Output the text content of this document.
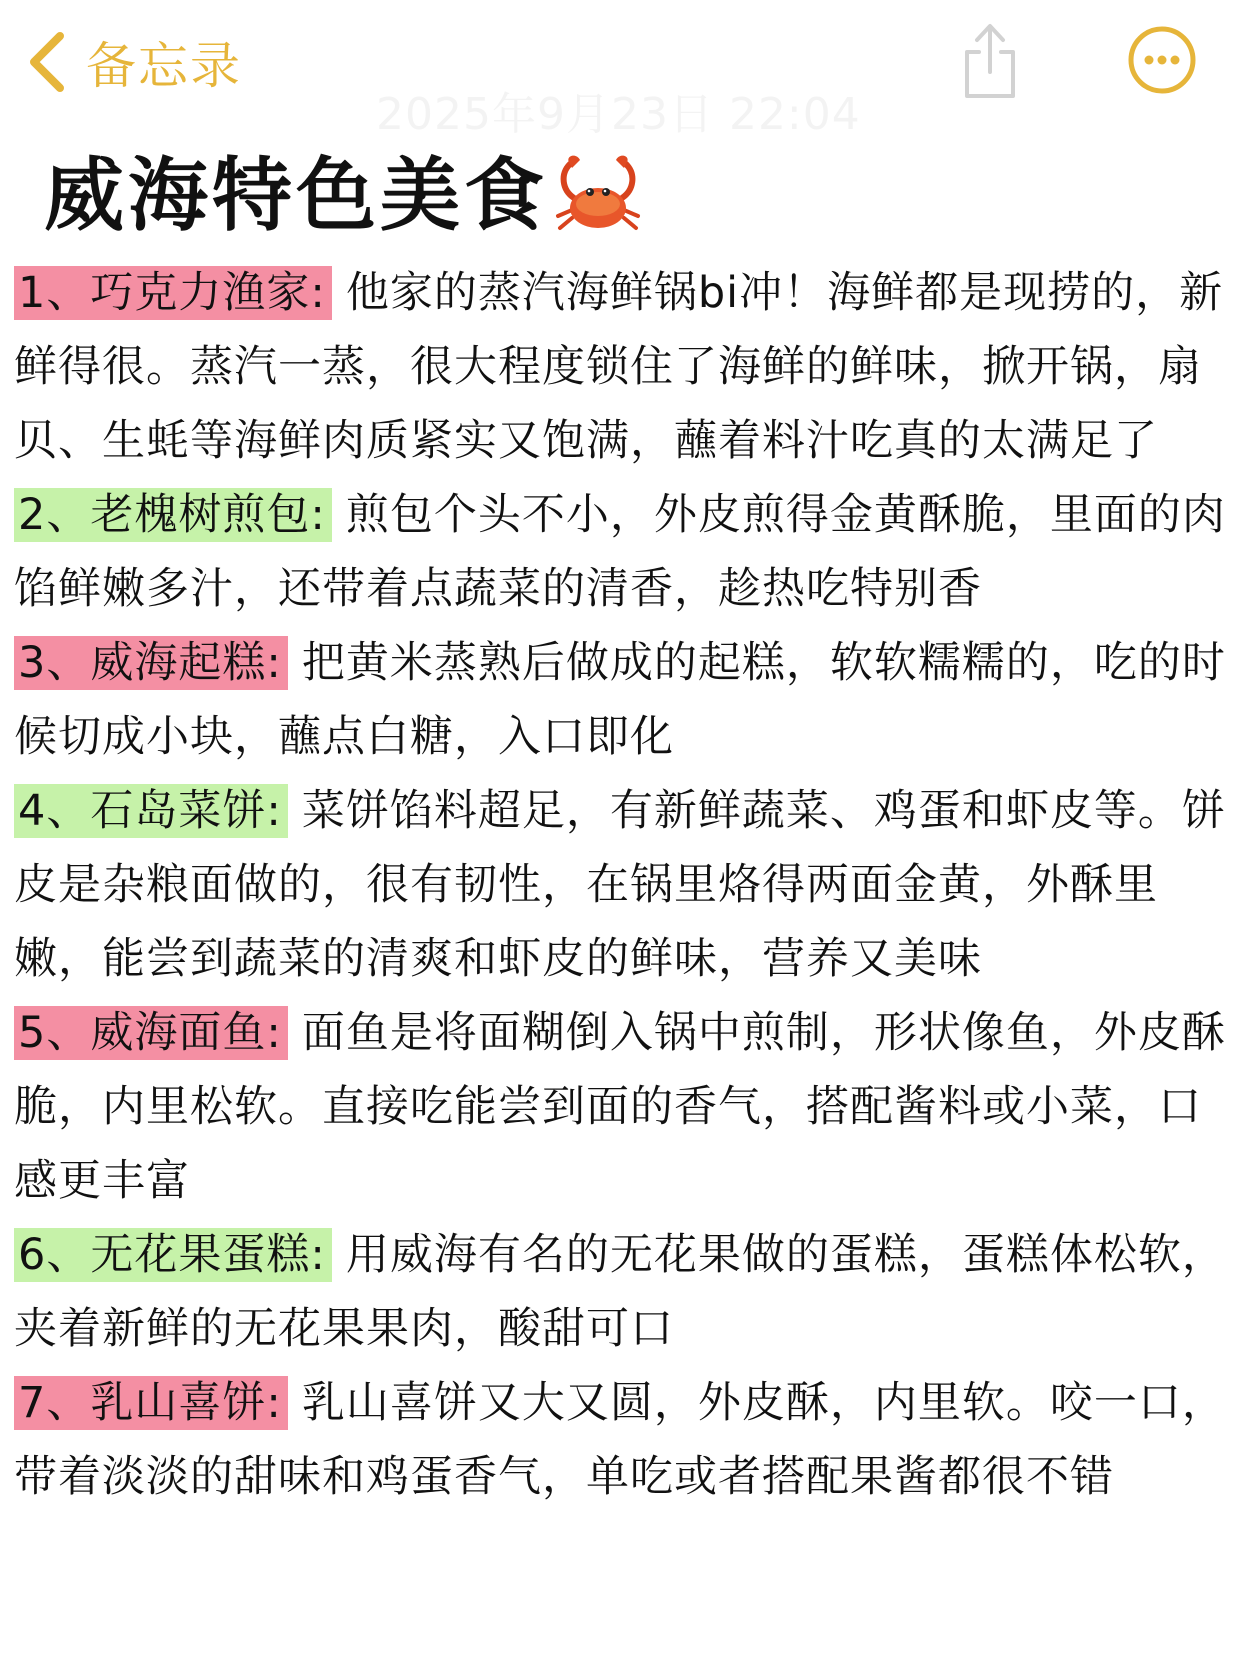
备忘录
2025年9月23日 22:04
威海特色美食

1、巧克力渔家: 他家的蒸汽海鲜锅bi冲！海鲜都是现捞的，新鲜得很。蒸汽一蒸，很大程度锁住了海鲜的鲜味，掀开锅，扇贝、生蚝等海鲜肉质紧实又饱满，蘸着料汁吃真的太满足了

2、老槐树煎包: 煎包个头不小，外皮煎得金黄酥脆，里面的肉馅鲜嫩多汁，还带着点蔬菜的清香，趁热吃特别香

3、威海起糕: 把黄米蒸熟后做成的起糕，软软糯糯的，吃的时候切成小块，蘸点白糖，入口即化

4、石岛菜饼: 菜饼馅料超足，有新鲜蔬菜、鸡蛋和虾皮等。饼皮是杂粮面做的，很有韧性，在锅里烙得两面金黄，外酥里嫩，能尝到蔬菜的清爽和虾皮的鲜味，营养又美味

5、威海面鱼: 面鱼是将面糊倒入锅中煎制，形状像鱼，外皮酥脆，内里松软。直接吃能尝到面的香气，搭配酱料或小菜，口感更丰富

6、无花果蛋糕: 用威海有名的无花果做的蛋糕，蛋糕体松软，夹着新鲜的无花果果肉，酸甜可口

7、乳山喜饼: 乳山喜饼又大又圆，外皮酥，内里软。咬一口，带着淡淡的甜味和鸡蛋香气，单吃或者搭配果酱都很不错
